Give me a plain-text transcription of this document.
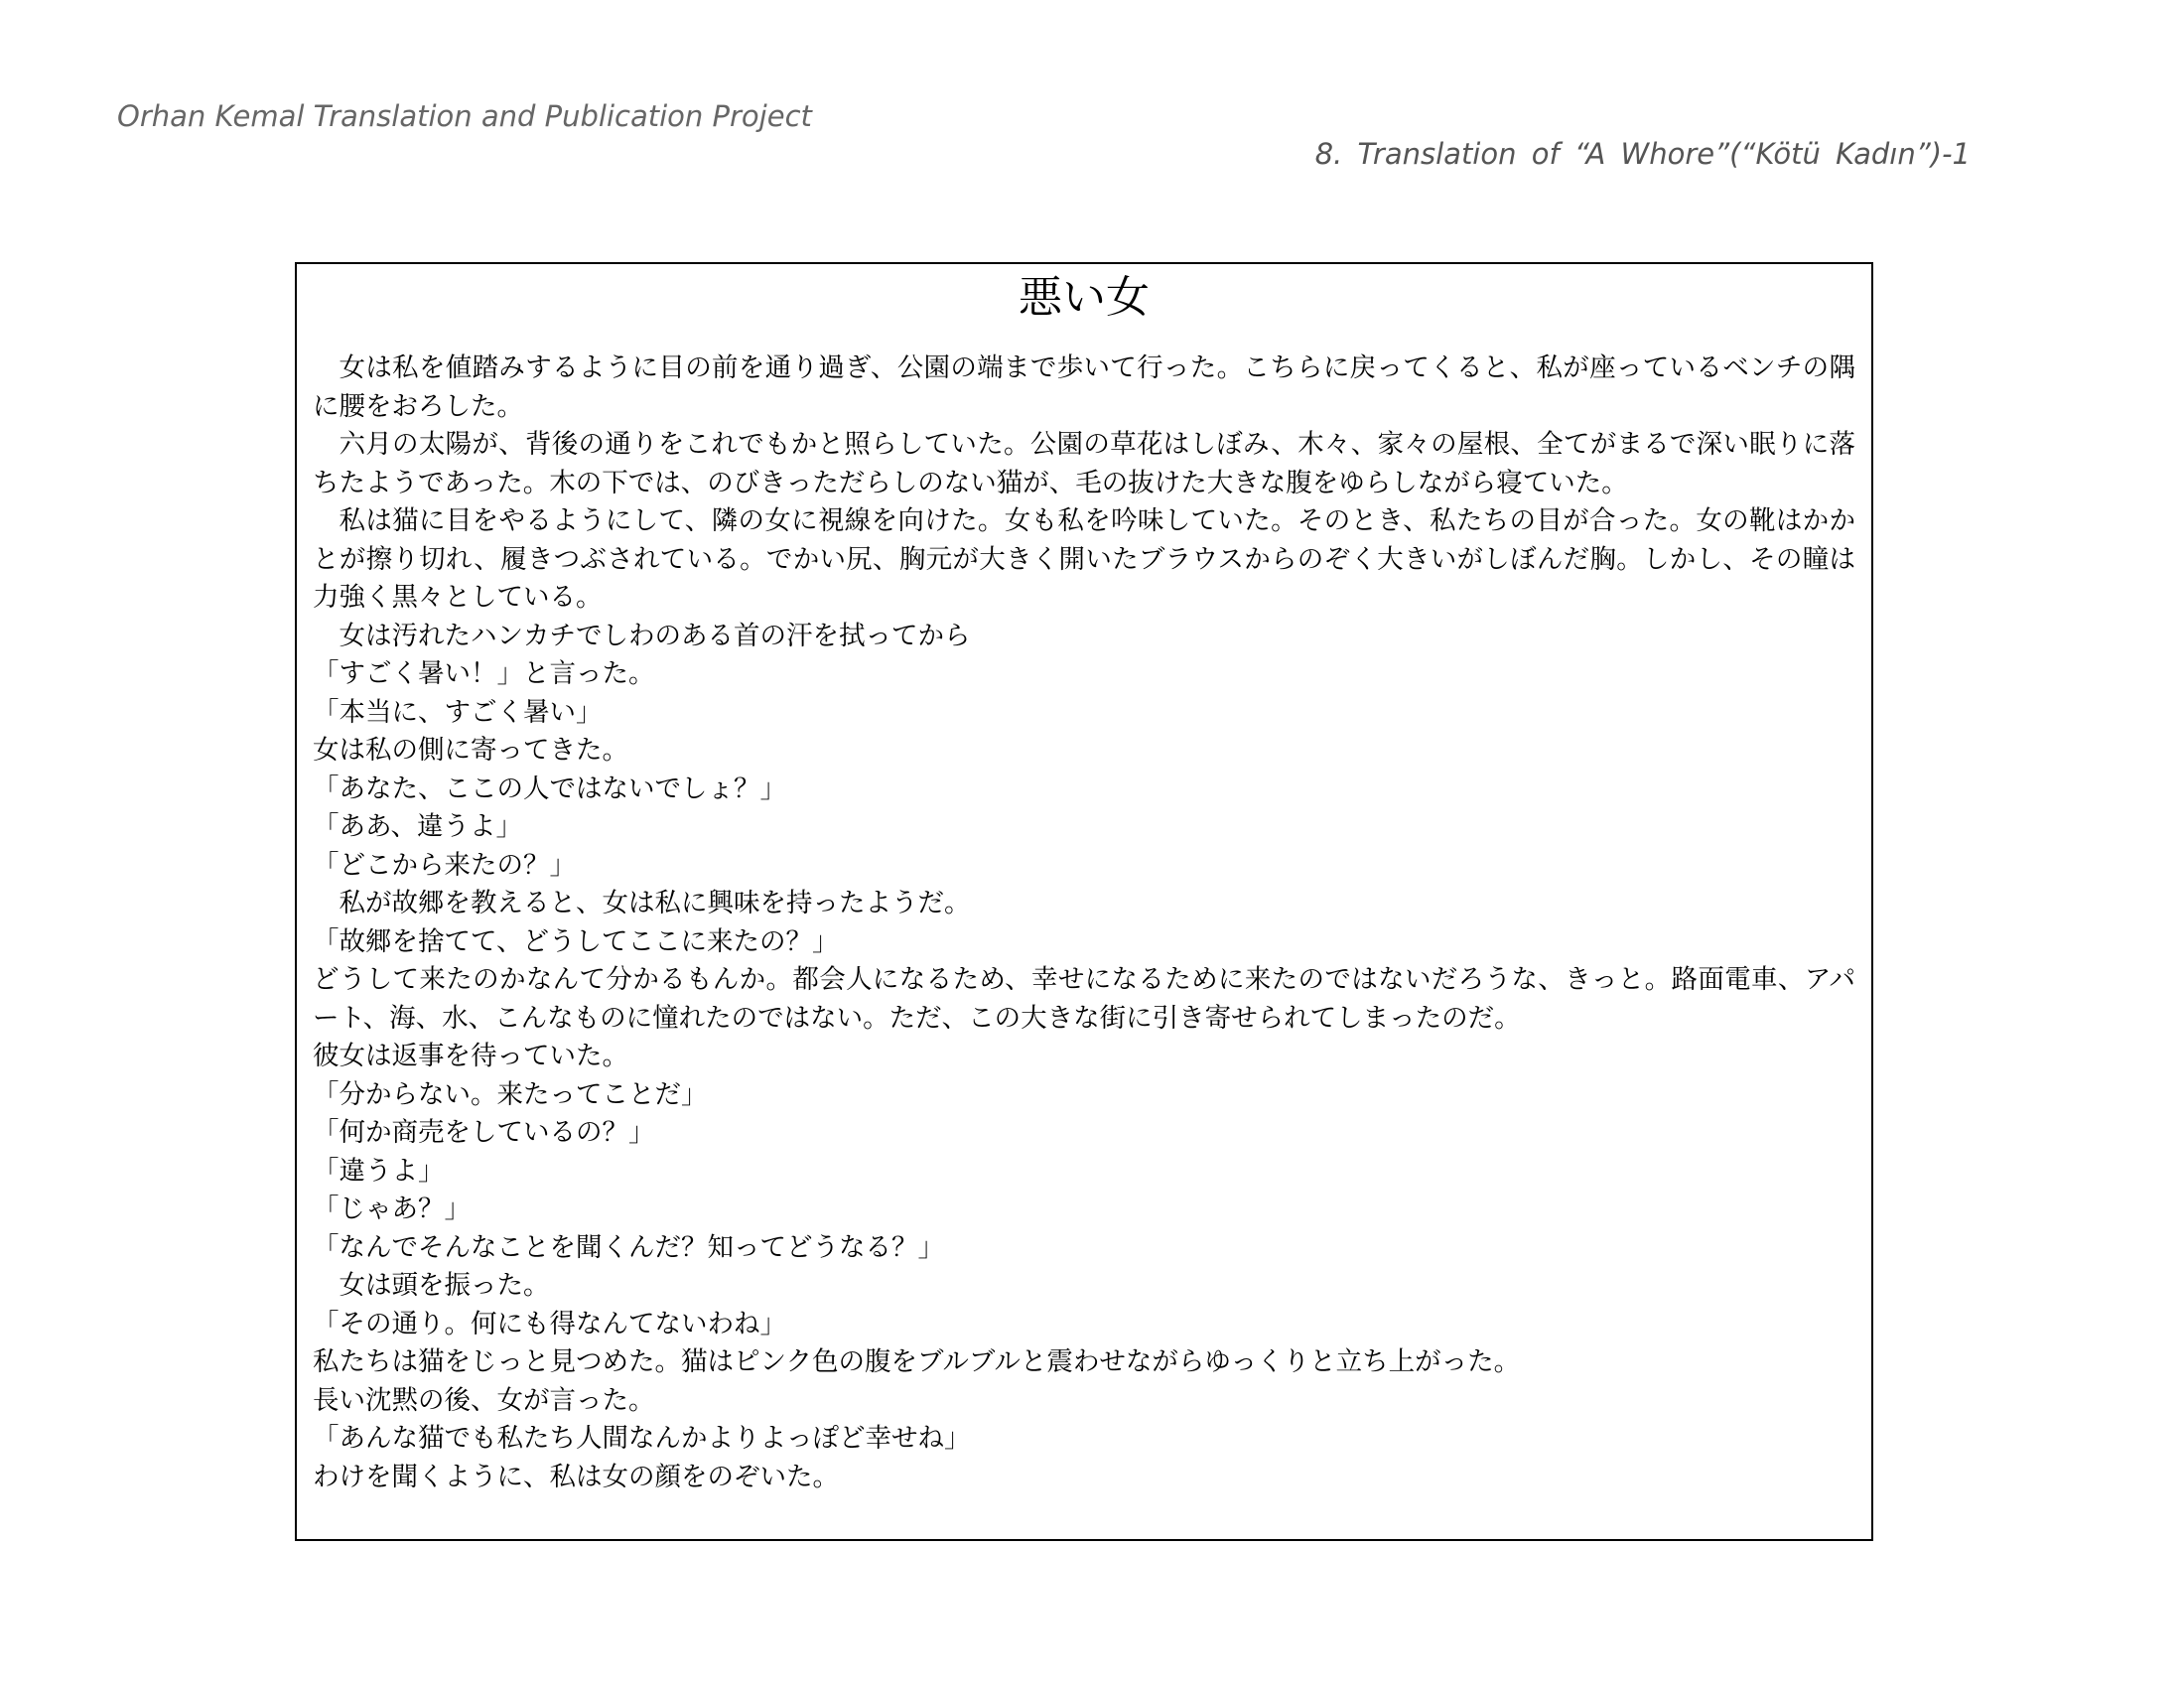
Orhan Kemal Translation and Publication Project
8. Translation of “A Whore”(“Kötü Kadın”)-1
悪い女

女は私を値踏みするように目の前を通り過ぎ、公園の端まで歩いて行った。こちらに戻ってくると、私が座っているベンチの隅に腰をおろした。

六月の太陽が、背後の通りをこれでもかと照らしていた。公園の草花はしぼみ、木々、家々の屋根、全てがまるで深い眠りに落ちたようであった。木の下では、のびきっただらしのない猫が、毛の抜けた大きな腹をゆらしながら寝ていた。

私は猫に目をやるようにして、隣の女に視線を向けた。女も私を吟味していた。そのとき、私たちの目が合った。女の靴はかかとが擦り切れ、履きつぶされている。でかい尻、胸元が大きく開いたブラウスからのぞく大きいがしぼんだ胸。しかし、その瞳は力強く黒々としている。

女は汚れたハンカチでしわのある首の汗を拭ってから

「すごく暑い！」と言った。

「本当に、すごく暑い」

女は私の側に寄ってきた。

「あなた、ここの人ではないでしょ？」

「ああ、違うよ」

「どこから来たの？」

私が故郷を教えると、女は私に興味を持ったようだ。

「故郷を捨てて、どうしてここに来たの？」

どうして来たのかなんて分かるもんか。都会人になるため、幸せになるために来たのではないだろうな、きっと。路面電車、アパート、海、水、こんなものに憧れたのではない。ただ、この大きな街に引き寄せられてしまったのだ。

彼女は返事を待っていた。

「分からない。来たってことだ」

「何か商売をしているの？」

「違うよ」

「じゃあ？」

「なんでそんなことを聞くんだ？知ってどうなる？」

女は頭を振った。

「その通り。何にも得なんてないわね」

私たちは猫をじっと見つめた。猫はピンク色の腹をブルブルと震わせながらゆっくりと立ち上がった。

長い沈黙の後、女が言った。

「あんな猫でも私たち人間なんかよりよっぽど幸せね」

わけを聞くように、私は女の顔をのぞいた。
